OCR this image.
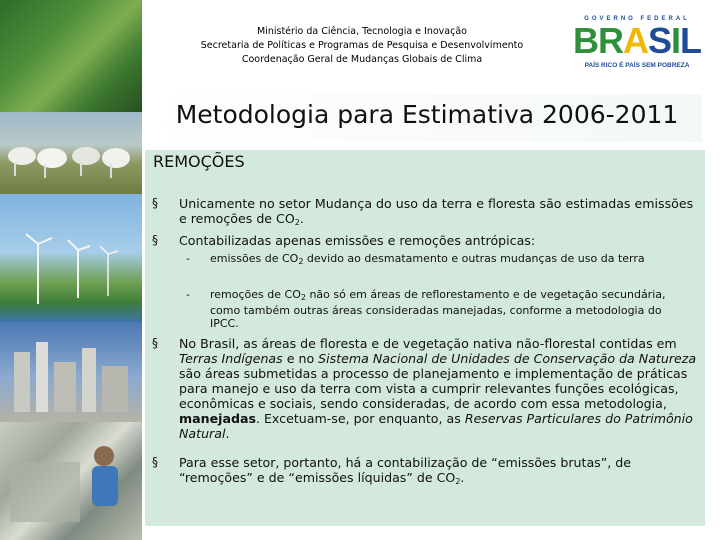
Ministério da Ciência, Tecnologia e Inovação
Secretaria de Políticas e Programas de Pesquisa e Desenvolvimento
Coordenação Geral de Mudanças Globais de Clima
GOVERNO FEDERAL
BRASIL
PAÍS RICO É PAÍS SEM POBREZA
Metodologia para Estimativa 2006-2011
REMOÇÕES
§ Unicamente no setor Mudança do uso da terra e floresta são estimadas emissões e remoções de $CO_2$.
§ Contabilizadas apenas emissões e remoções antrópicas:
- emissões de $CO_2$ devido ao desmatamento e outras mudanças de uso da terra
- remoções de $CO_2$ não só em áreas de reflorestamento e de vegetação secundária, como também outras áreas consideradas manejadas, conforme a metodologia do IPCC.
§ No Brasil, as áreas de floresta e de vegetação nativa não-florestal contidas em Terras Indígenas e no Sistema Nacional de Unidades de Conservação da Natureza são áreas submetidas a processo de planejamento e implementação de práticas para manejo e uso da terra com vista a cumprir relevantes funções ecológicas, econômicas e sociais, sendo consideradas, de acordo com essa metodologia, manejadas. Excetuam-se, por enquanto, as Reservas Particulares do Patrimônio Natural.
§ Para esse setor, portanto, há a contabilização de “emissões brutas”, de “remoções” e de “emissões líquidas” de $CO_2$.
